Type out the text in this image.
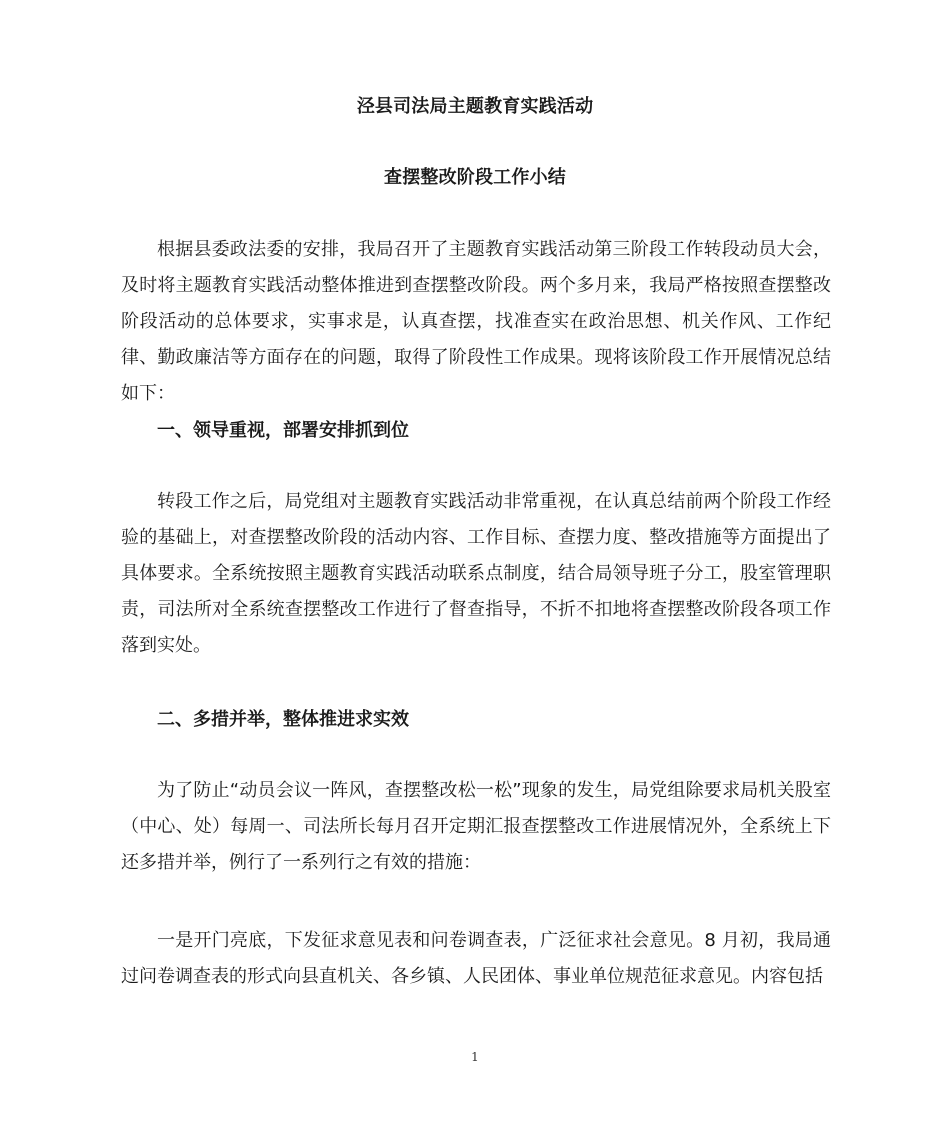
泾县司法局主题教育实践活动
查摆整改阶段工作小结

根据县委政法委的安排，我局召开了主题教育实践活动第三阶段工作转段动员大会，及时将主题教育实践活动整体推进到查摆整改阶段。两个多月来，我局严格按照查摆整改阶段活动的总体要求，实事求是，认真查摆，找准查实在政治思想、机关作风、工作纪律、勤政廉洁等方面存在的问题，取得了阶段性工作成果。现将该阶段工作开展情况总结如下：

一、领导重视，部署安排抓到位

转段工作之后，局党组对主题教育实践活动非常重视，在认真总结前两个阶段工作经验的基础上，对查摆整改阶段的活动内容、工作目标、查摆力度、整改措施等方面提出了具体要求。全系统按照主题教育实践活动联系点制度，结合局领导班子分工，股室管理职责，司法所对全系统查摆整改工作进行了督查指导，不折不扣地将查摆整改阶段各项工作落到实处。

二、多措并举，整体推进求实效

为了防止“动员会议一阵风，查摆整改松一松”现象的发生，局党组除要求局机关股室（中心、处）每周一、司法所长每月召开定期汇报查摆整改工作进展情况外，全系统上下还多措并举，例行了一系列行之有效的措施：

一是开门亮底，下发征求意见表和问卷调查表，广泛征求社会意见。8 月初，我局通过问卷调查表的形式向县直机关、各乡镇、人民团体、事业单位规范征求意见。内容包括

1
